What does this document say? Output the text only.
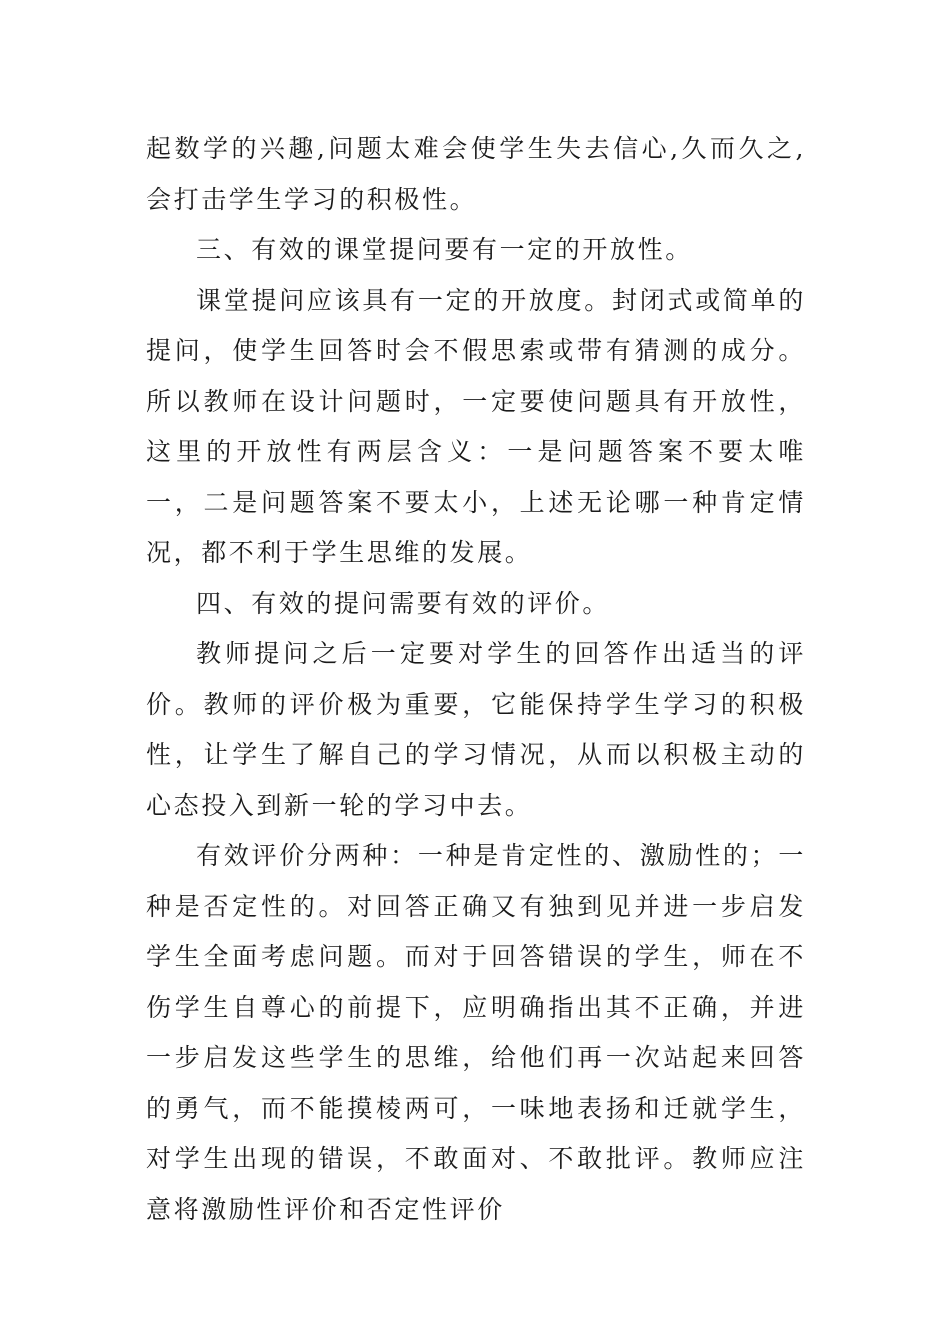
起数学的兴趣,问题太难会使学生失去信心,久而久之,会打击学生学习的积极性。

三、有效的课堂提问要有一定的开放性。

课堂提问应该具有一定的开放度。封闭式或简单的提问，使学生回答时会不假思索或带有猜测的成分。所以教师在设计问题时，一定要使问题具有开放性，这里的开放性有两层含义：一是问题答案不要太唯一，二是问题答案不要太小，上述无论哪一种肯定情况，都不利于学生思维的发展。

四、有效的提问需要有效的评价。

教师提问之后一定要对学生的回答作出适当的评价。教师的评价极为重要，它能保持学生学习的积极性，让学生了解自己的学习情况，从而以积极主动的心态投入到新一轮的学习中去。

有效评价分两种：一种是肯定性的、激励性的；一种是否定性的。对回答正确又有独到见并进一步启发学生全面考虑问题。而对于回答错误的学生，师在不伤学生自尊心的前提下，应明确指出其不正确，并进一步启发这些学生的思维，给他们再一次站起来回答的勇气，而不能摸棱两可，一味地表扬和迁就学生，对学生出现的错误，不敢面对、不敢批评。教师应注意将激励性评价和否定性评价
